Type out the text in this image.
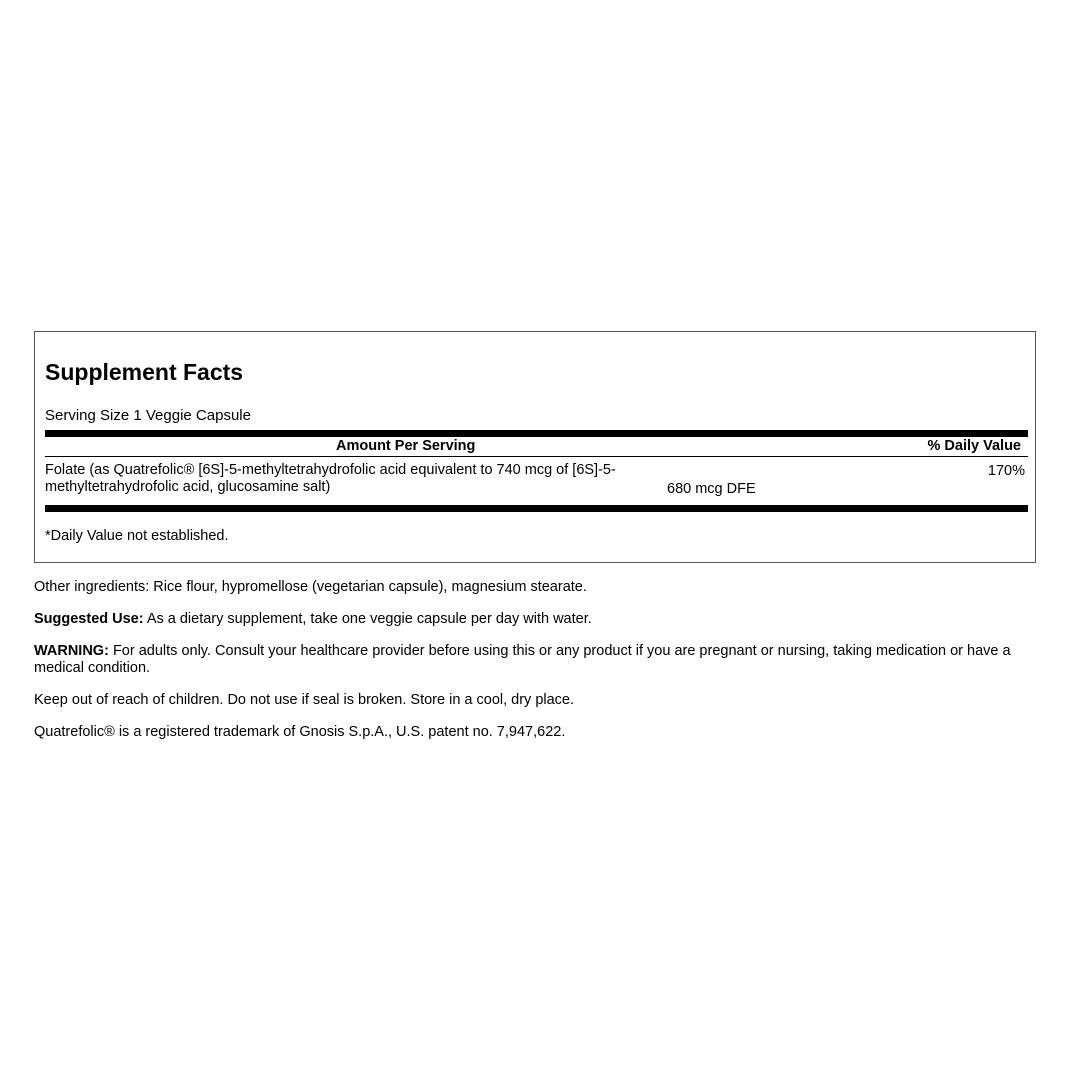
Supplement Facts
Serving Size 1 Veggie Capsule
Amount Per Serving	% Daily Value
Folate (as Quatrefolic® [6S]-5-methyltetrahydrofolic acid equivalent to 740 mcg of [6S]-5-methyltetrahydrofolic acid, glucosamine salt)	680 mcg DFE
170%
*Daily Value not established.

Other ingredients: Rice flour, hypromellose (vegetarian capsule), magnesium stearate.

Suggested Use: As a dietary supplement, take one veggie capsule per day with water.

WARNING: For adults only. Consult your healthcare provider before using this or any product if you are pregnant or nursing, taking medication or have a medical condition.

Keep out of reach of children. Do not use if seal is broken. Store in a cool, dry place.

Quatrefolic® is a registered trademark of Gnosis S.p.A., U.S. patent no. 7,947,622.
